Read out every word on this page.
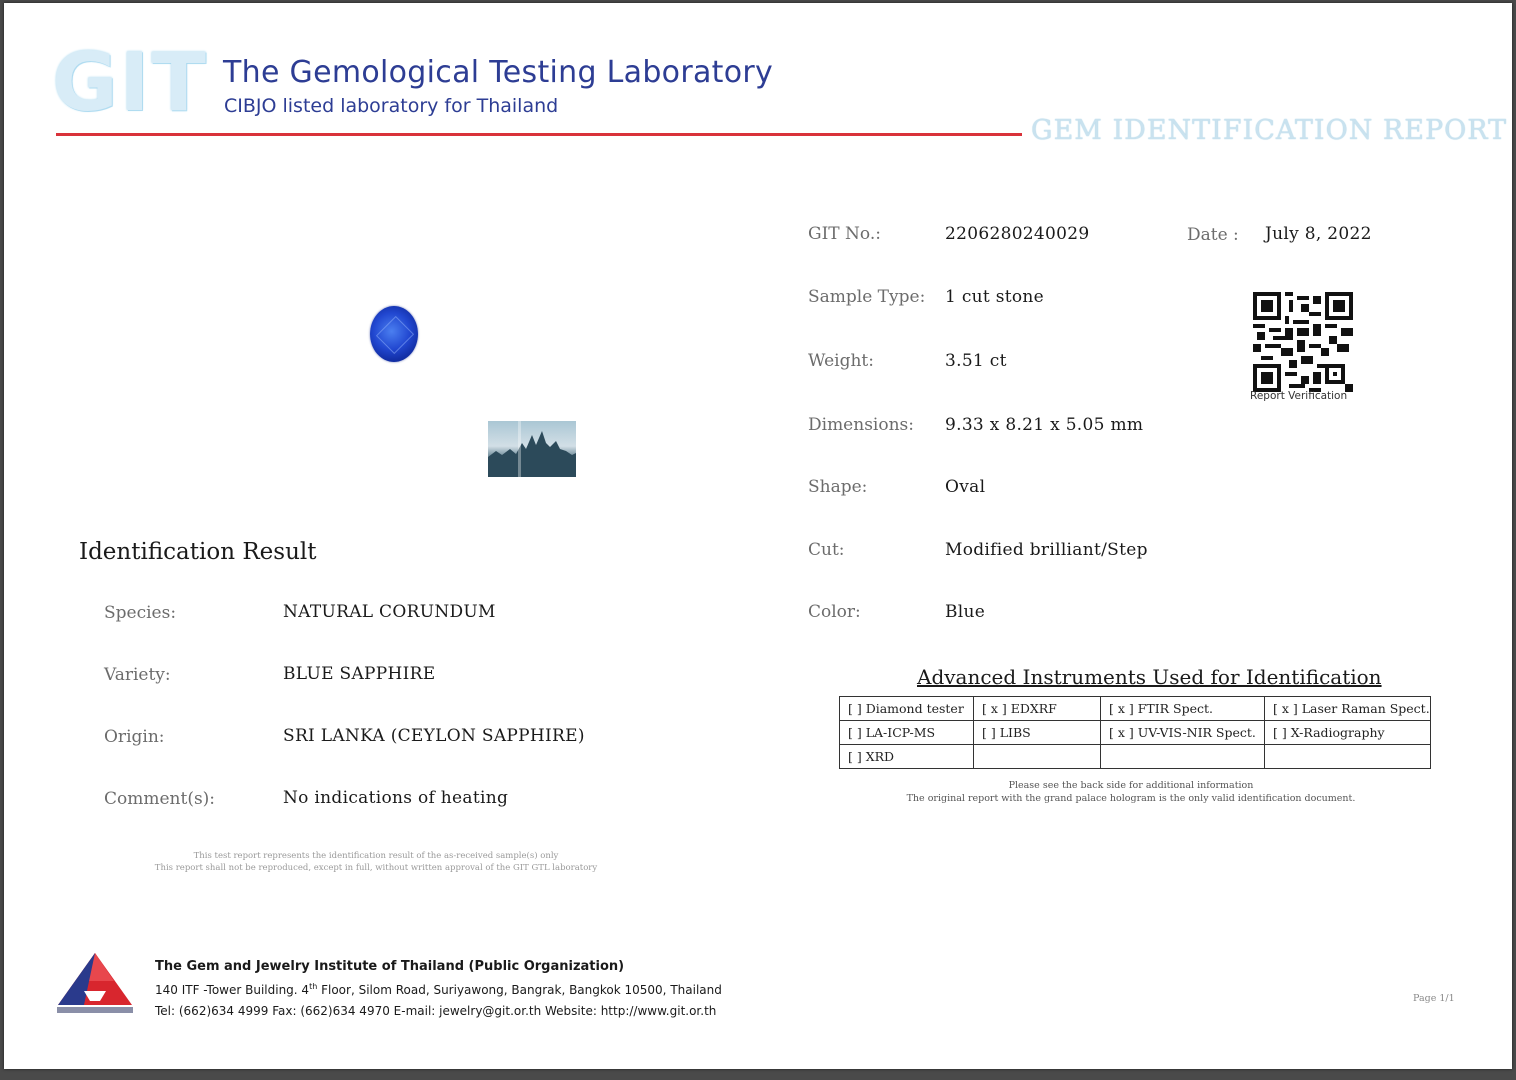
GIT The Gemological Testing Laboratory
CIBJO listed laboratory for Thailand
GEM IDENTIFICATION REPORT
Identification Result
Species:	NATURAL CORUNDUM
Variety:	BLUE SAPPHIRE
Origin:	SRI LANKA (CEYLON SAPPHIRE)
Comment(s):	No indications of heating
This test report represents the identification result of the as-received sample(s) only
This report shall not be reproduced, except in full, without written approval of the GIT GTL laboratory
GIT No.:	2206280240029	Date : July 8, 2022
Sample Type: 1 cut stone
Weight:	3.51 ct
Dimensions: 9.33 x 8.21 x 5.05 mm
Shape:	Oval
Cut:	Modified brilliant/Step
Color:	Blue
Report Verification
Advanced Instruments Used for Identification
[ ] Diamond tester	[ x ] EDXRF	[ x ] FTIR Spect.	[ x ] Laser Raman Spect.
[ ] LA-ICP-MS	[ ] LIBS	[ x ] UV-VIS-NIR Spect.	[ ] X-Radiography
[ ] XRD			
Please see the back side for additional information
The original report with the grand palace hologram is the only valid identification document.
The Gem and Jewelry Institute of Thailand (Public Organization)
140 ITF -Tower Building. 4th Floor, Silom Road, Suriyawong, Bangrak, Bangkok 10500, Thailand
Tel: (662)634 4999 Fax: (662)634 4970 E-mail: jewelry@git.or.th Website: http://www.git.or.th
Page 1/1
